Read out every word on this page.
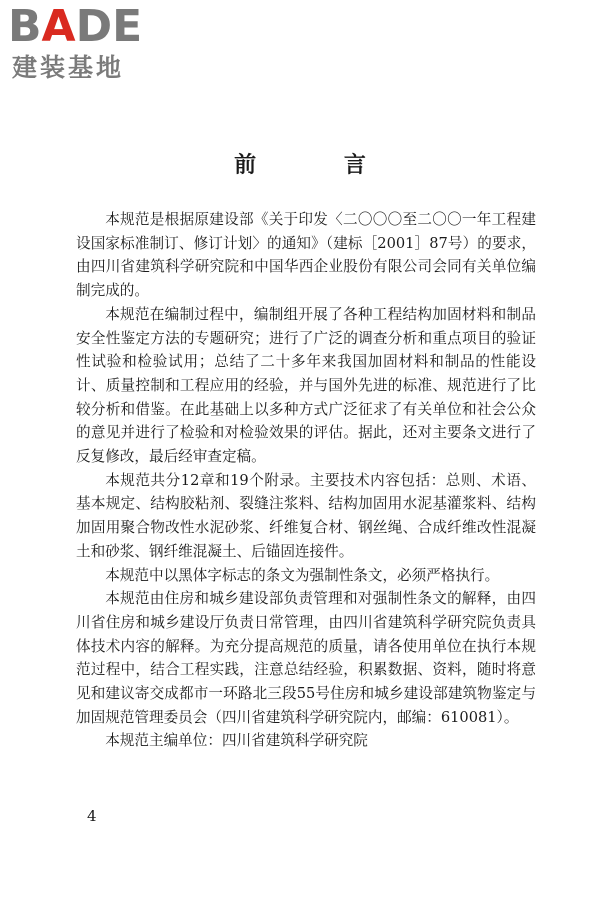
BADE
建装基地
前 言

本规范是根据原建设部《关于印发〈二〇〇〇至二〇〇一年工程建设国家标准制订、修订计划〉的通知》（建标［2001］87号）的要求，由四川省建筑科学研究院和中国华西企业股份有限公司会同有关单位编制完成的。

本规范在编制过程中，编制组开展了各种工程结构加固材料和制品安全性鉴定方法的专题研究；进行了广泛的调查分析和重点项目的验证性试验和检验试用；总结了二十多年来我国加固材料和制品的性能设计、质量控制和工程应用的经验，并与国外先进的标准、规范进行了比较分析和借鉴。在此基础上以多种方式广泛征求了有关单位和社会公众的意见并进行了检验和对检验效果的评估。据此，还对主要条文进行了反复修改，最后经审查定稿。

本规范共分12章和19个附录。主要技术内容包括：总则、术语、基本规定、结构胶粘剂、裂缝注浆料、结构加固用水泥基灌浆料、结构加固用聚合物改性水泥砂浆、纤维复合材、钢丝绳、合成纤维改性混凝土和砂浆、钢纤维混凝土、后锚固连接件。

本规范中以黑体字标志的条文为强制性条文，必须严格执行。

本规范由住房和城乡建设部负责管理和对强制性条文的解释，由四川省住房和城乡建设厅负责日常管理，由四川省建筑科学研究院负责具体技术内容的解释。为充分提高规范的质量，请各使用单位在执行本规范过程中，结合工程实践，注意总结经验，积累数据、资料，随时将意见和建议寄交成都市一环路北三段55号住房和城乡建设部建筑物鉴定与加固规范管理委员会（四川省建筑科学研究院内，邮编：610081）。

本规范主编单位：四川省建筑科学研究院

4
